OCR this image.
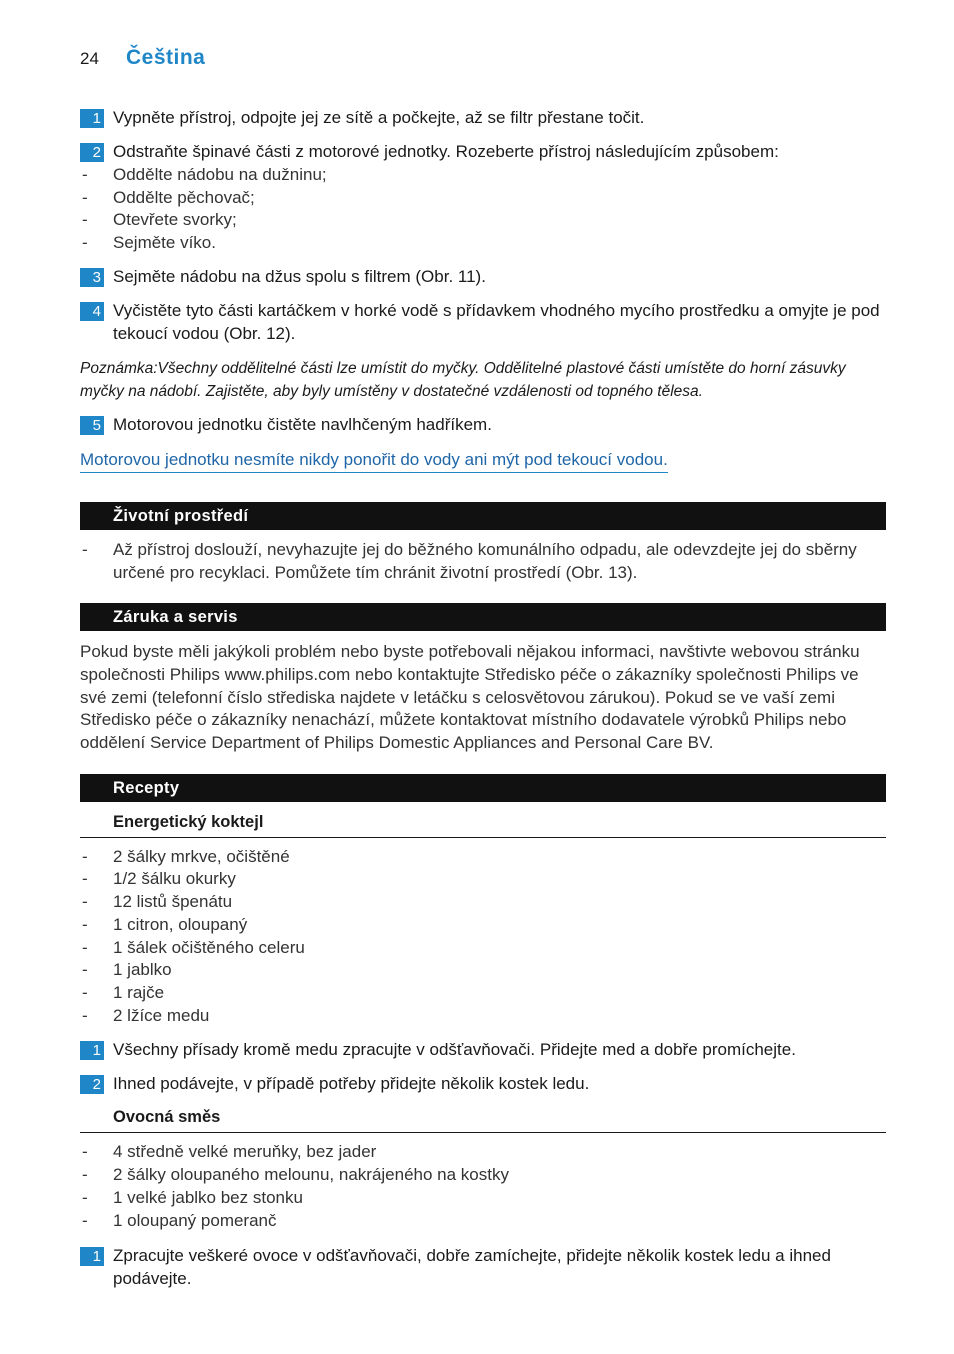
24 Čeština
1 Vypněte přístroj, odpojte jej ze sítě a počkejte, až se filtr přestane točit.
2 Odstraňte špinavé části z motorové jednotky. Rozeberte přístroj následujícím způsobem:
- Oddělte nádobu na dužninu;
- Oddělte pěchovač;
- Otevřete svorky;
- Sejměte víko.
3 Sejměte nádobu na džus spolu s filtrem (Obr. 11).
4 Vyčistěte tyto části kartáčkem v horké vodě s přídavkem vhodného mycího prostředku a omyjte je pod tekoucí vodou (Obr. 12).
Poznámka:Všechny oddělitelné části lze umístit do myčky. Oddělitelné plastové části umístěte do horní zásuvky myčky na nádobí. Zajistěte, aby byly umístěny v dostatečné vzdálenosti od topného tělesa.
5 Motorovou jednotku čistěte navlhčeným hadříkem.
Motorovou jednotku nesmíte nikdy ponořit do vody ani mýt pod tekoucí vodou.
Životní prostředí
- Až přístroj doslouží, nevyhazujte jej do běžného komunálního odpadu, ale odevzdejte jej do sběrny určené pro recyklaci. Pomůžete tím chránit životní prostředí (Obr. 13).
Záruka a servis
Pokud byste měli jakýkoli problém nebo byste potřebovali nějakou informaci, navštivte webovou stránku společnosti Philips www.philips.com nebo kontaktujte Středisko péče o zákazníky společnosti Philips ve své zemi (telefonní číslo střediska najdete v letáčku s celosvětovou zárukou). Pokud se ve vaší zemi Středisko péče o zákazníky nenachází, můžete kontaktovat místního dodavatele výrobků Philips nebo oddělení Service Department of Philips Domestic Appliances and Personal Care BV.
Recepty
Energetický koktejl
- 2 šálky mrkve, očištěné
- 1/2 šálku okurky
- 12 listů špenátu
- 1 citron, oloupaný
- 1 šálek očištěného celeru
- 1 jablko
- 1 rajče
- 2 lžíce medu
1 Všechny přísady kromě medu zpracujte v odšťavňovači. Přidejte med a dobře promíchejte.
2 Ihned podávejte, v případě potřeby přidejte několik kostek ledu.
Ovocná směs
- 4 středně velké meruňky, bez jader
- 2 šálky oloupaného melounu, nakrájeného na kostky
- 1 velké jablko bez stonku
- 1 oloupaný pomeranč
1 Zpracujte veškeré ovoce v odšťavňovači, dobře zamíchejte, přidejte několik kostek ledu a ihned podávejte.
